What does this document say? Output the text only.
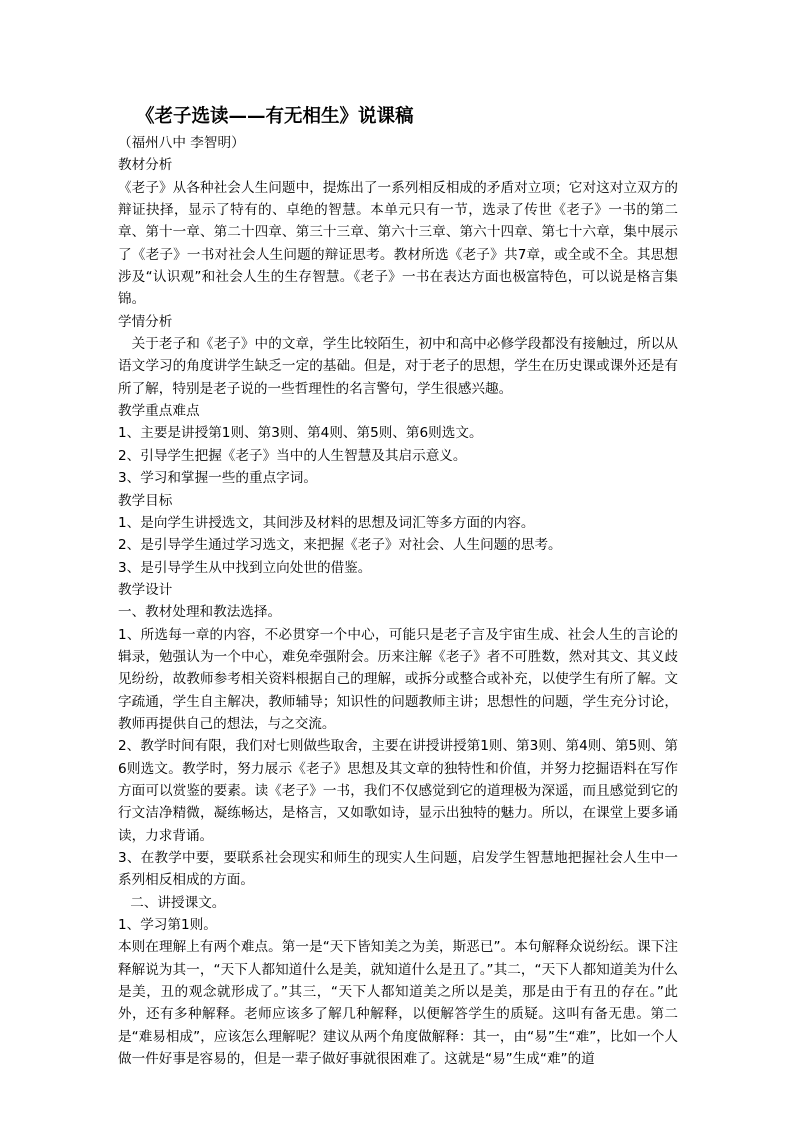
《老子选读——有无相生》说课稿

（福州八中 李智明）

教材分析

《老子》从各种社会人生问题中，提炼出了一系列相反相成的矛盾对立项；它对这对立双方的辩证抉择，显示了特有的、卓绝的智慧。本单元只有一节，选录了传世《老子》一书的第二章、第十一章、第二十四章、第三十三章、第六十三章、第六十四章、第七十六章，集中展示了《老子》一书对社会人生问题的辩证思考。教材所选《老子》共7章，或全或不全。其思想涉及“认识观”和社会人生的生存智慧。《老子》一书在表达方面也极富特色，可以说是格言集锦。

学情分析

关于老子和《老子》中的文章，学生比较陌生，初中和高中必修学段都没有接触过，所以从语文学习的角度讲学生缺乏一定的基础。但是，对于老子的思想，学生在历史课或课外还是有所了解，特别是老子说的一些哲理性的名言警句，学生很感兴趣。

教学重点难点

1、主要是讲授第1则、第3则、第4则、第5则、第6则选文。

2、引导学生把握《老子》当中的人生智慧及其启示意义。

3、学习和掌握一些的重点字词。

教学目标

1、是向学生讲授选文，其间涉及材料的思想及词汇等多方面的内容。

2、是引导学生通过学习选文，来把握《老子》对社会、人生问题的思考。

3、是引导学生从中找到立向处世的借鉴。

教学设计

一、教材处理和教法选择。

1、所选每一章的内容，不必贯穿一个中心，可能只是老子言及宇宙生成、社会人生的言论的辑录，勉强认为一个中心，难免牵强附会。历来注解《老子》者不可胜数，然对其文、其义歧见纷纷，故教师参考相关资料根据自己的理解，或拆分或整合或补充，以使学生有所了解。文字疏通，学生自主解决，教师辅导；知识性的问题教师主讲；思想性的问题，学生充分讨论，教师再提供自己的想法，与之交流。

2、教学时间有限，我们对七则做些取舍，主要在讲授讲授第1则、第3则、第4则、第5则、第6则选文。教学时，努力展示《老子》思想及其文章的独特性和价值，并努力挖掘语料在写作方面可以赏鉴的要素。读《老子》一书，我们不仅感觉到它的道理极为深遥，而且感觉到它的行文洁净精微，凝练畅达，是格言，又如歌如诗，显示出独特的魅力。所以，在课堂上要多诵读，力求背诵。

3、在教学中要，要联系社会现实和师生的现实人生问题，启发学生智慧地把握社会人生中一系列相反相成的方面。

二、讲授课文。

1、学习第1则。

本则在理解上有两个难点。第一是“天下皆知美之为美，斯恶已”。本句解释众说纷纭。课下注释解说为其一，“天下人都知道什么是美，就知道什么是丑了。”其二，“天下人都知道美为什么是美，丑的观念就形成了。”其三，“天下人都知道美之所以是美，那是由于有丑的存在。”此外，还有多种解释。老师应该多了解几种解释，以便解答学生的质疑。这叫有备无患。第二是“难易相成”，应该怎么理解呢？建议从两个角度做解释：其一，由“易”生“难”，比如一个人做一件好事是容易的，但是一辈子做好事就很困难了。这就是“易”生成“难”的道
